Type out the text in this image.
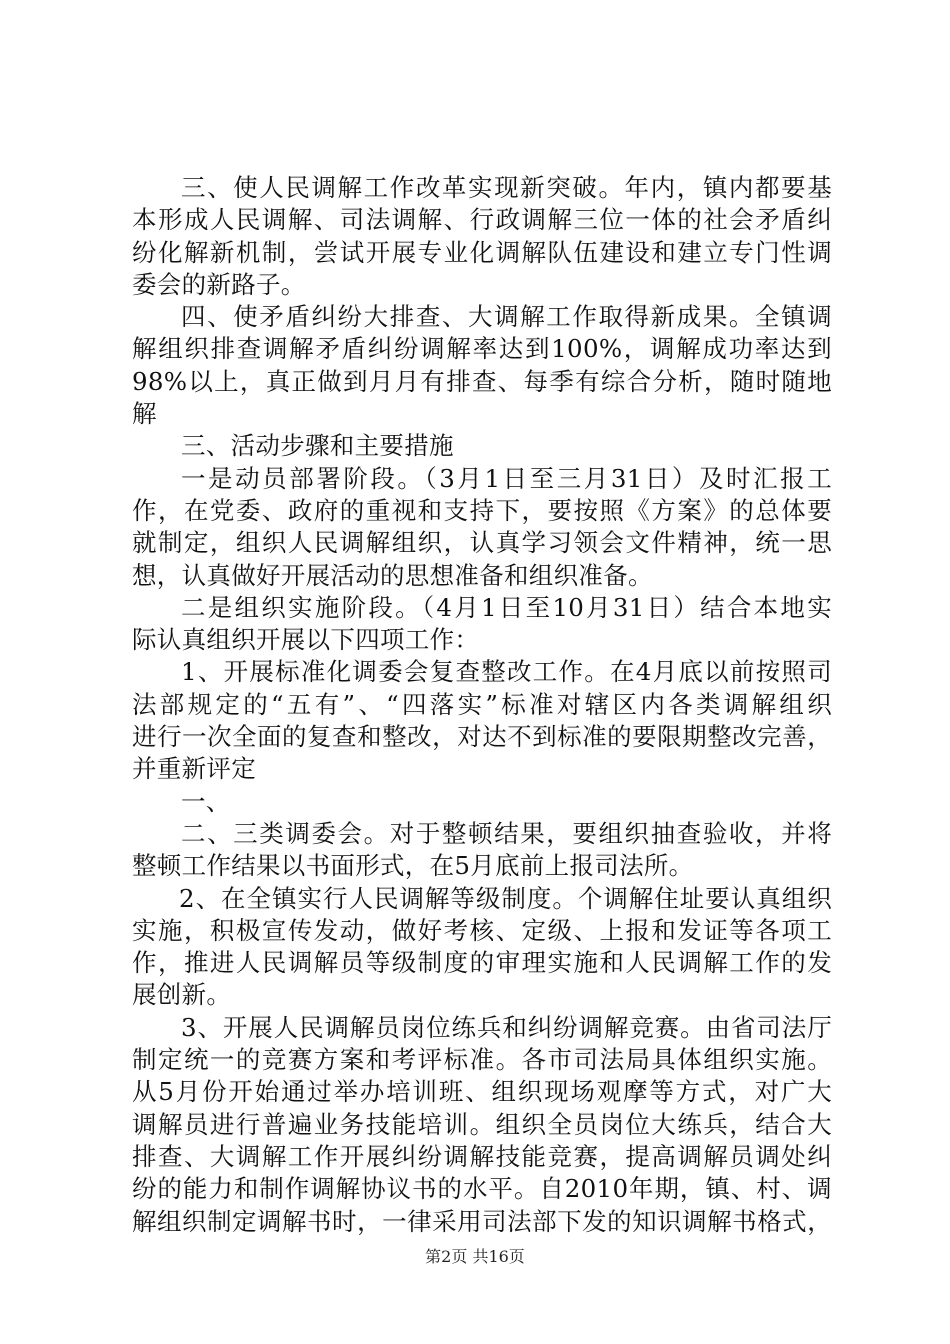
三、使人民调解工作改革实现新突破。年内，镇内都要基
本形成人民调解、司法调解、行政调解三位一体的社会矛盾纠
纷化解新机制，尝试开展专业化调解队伍建设和建立专门性调
委会的新路子。
四、使矛盾纠纷大排查、大调解工作取得新成果。全镇调
解组织排查调解矛盾纠纷调解率达到100%，调解成功率达到
98%以上，真正做到月月有排查、每季有综合分析，随时随地
解
三、活动步骤和主要措施
一是动员部署阶段。（3月1日至三月31日）及时汇报工
作，在党委、政府的重视和支持下，要按照《方案》的总体要
就制定，组织人民调解组织，认真学习领会文件精神，统一思
想，认真做好开展活动的思想准备和组织准备。
二是组织实施阶段。（4月1日至10月31日）结合本地实
际认真组织开展以下四项工作：
1、开展标准化调委会复查整改工作。在4月底以前按照司
法部规定的“五有”、“四落实”标准对辖区内各类调解组织
进行一次全面的复查和整改，对达不到标准的要限期整改完善，
并重新评定
一、
二、三类调委会。对于整顿结果，要组织抽查验收，并将
整顿工作结果以书面形式，在5月底前上报司法所。
2、在全镇实行人民调解等级制度。个调解住址要认真组织
实施，积极宣传发动，做好考核、定级、上报和发证等各项工
作，推进人民调解员等级制度的审理实施和人民调解工作的发
展创新。
3、开展人民调解员岗位练兵和纠纷调解竞赛。由省司法厅
制定统一的竞赛方案和考评标准。各市司法局具体组织实施。
从5月份开始通过举办培训班、组织现场观摩等方式，对广大
调解员进行普遍业务技能培训。组织全员岗位大练兵，结合大
排查、大调解工作开展纠纷调解技能竞赛，提高调解员调处纠
纷的能力和制作调解协议书的水平。自2010年期，镇、村、调
解组织制定调解书时，一律采用司法部下发的知识调解书格式，
第2页 共16页
